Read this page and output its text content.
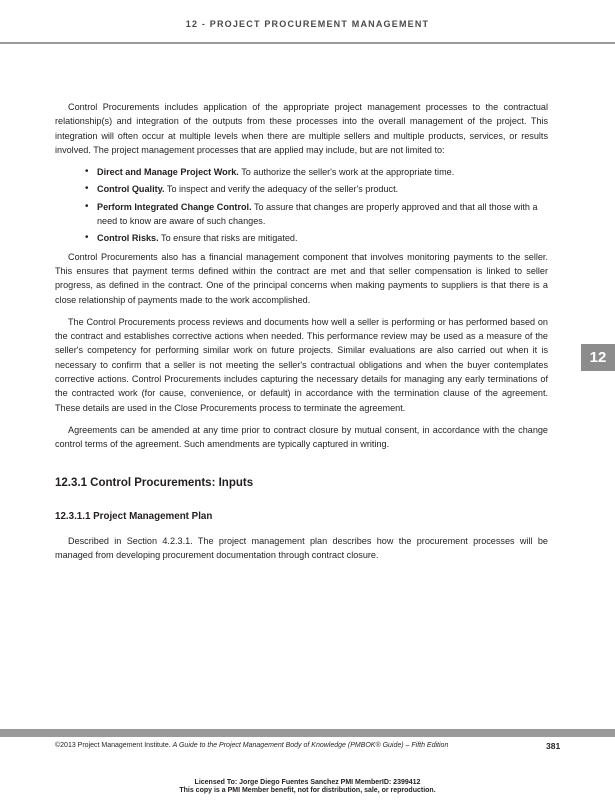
12 - PROJECT PROCUREMENT MANAGEMENT
12

Control Procurements includes application of the appropriate project management processes to the contractual relationship(s) and integration of the outputs from these processes into the overall management of the project. This integration will often occur at multiple levels when there are multiple sellers and multiple products, services, or results involved. The project management processes that are applied may include, but are not limited to:

• Direct and Manage Project Work. To authorize the seller's work at the appropriate time.
• Control Quality. To inspect and verify the adequacy of the seller's product.
• Perform Integrated Change Control. To assure that changes are properly approved and that all those with a need to know are aware of such changes.
• Control Risks. To ensure that risks are mitigated.

Control Procurements also has a financial management component that involves monitoring payments to the seller. This ensures that payment terms defined within the contract are met and that seller compensation is linked to seller progress, as defined in the contract. One of the principal concerns when making payments to suppliers is that there is a close relationship of payments made to the work accomplished.

The Control Procurements process reviews and documents how well a seller is performing or has performed based on the contract and establishes corrective actions when needed. This performance review may be used as a measure of the seller's competency for performing similar work on future projects. Similar evaluations are also carried out when it is necessary to confirm that a seller is not meeting the seller's contractual obligations and when the buyer contemplates corrective actions. Control Procurements includes capturing the necessary details for managing any early terminations of the contracted work (for cause, convenience, or default) in accordance with the termination clause of the agreement. These details are used in the Close Procurements process to terminate the agreement.

Agreements can be amended at any time prior to contract closure by mutual consent, in accordance with the change control terms of the agreement. Such amendments are typically captured in writing.

12.3.1 Control Procurements: Inputs
12.3.1.1 Project Management Plan

Described in Section 4.2.3.1. The project management plan describes how the procurement processes will be managed from developing procurement documentation through contract closure.

©2013 Project Management Institute. A Guide to the Project Management Body of Knowledge (PMBOK® Guide) – Fifth Edition	381
Licensed To: Jorge Diego Fuentes Sanchez PMI MemberID: 2399412
This copy is a PMI Member benefit, not for distribution, sale, or reproduction.
